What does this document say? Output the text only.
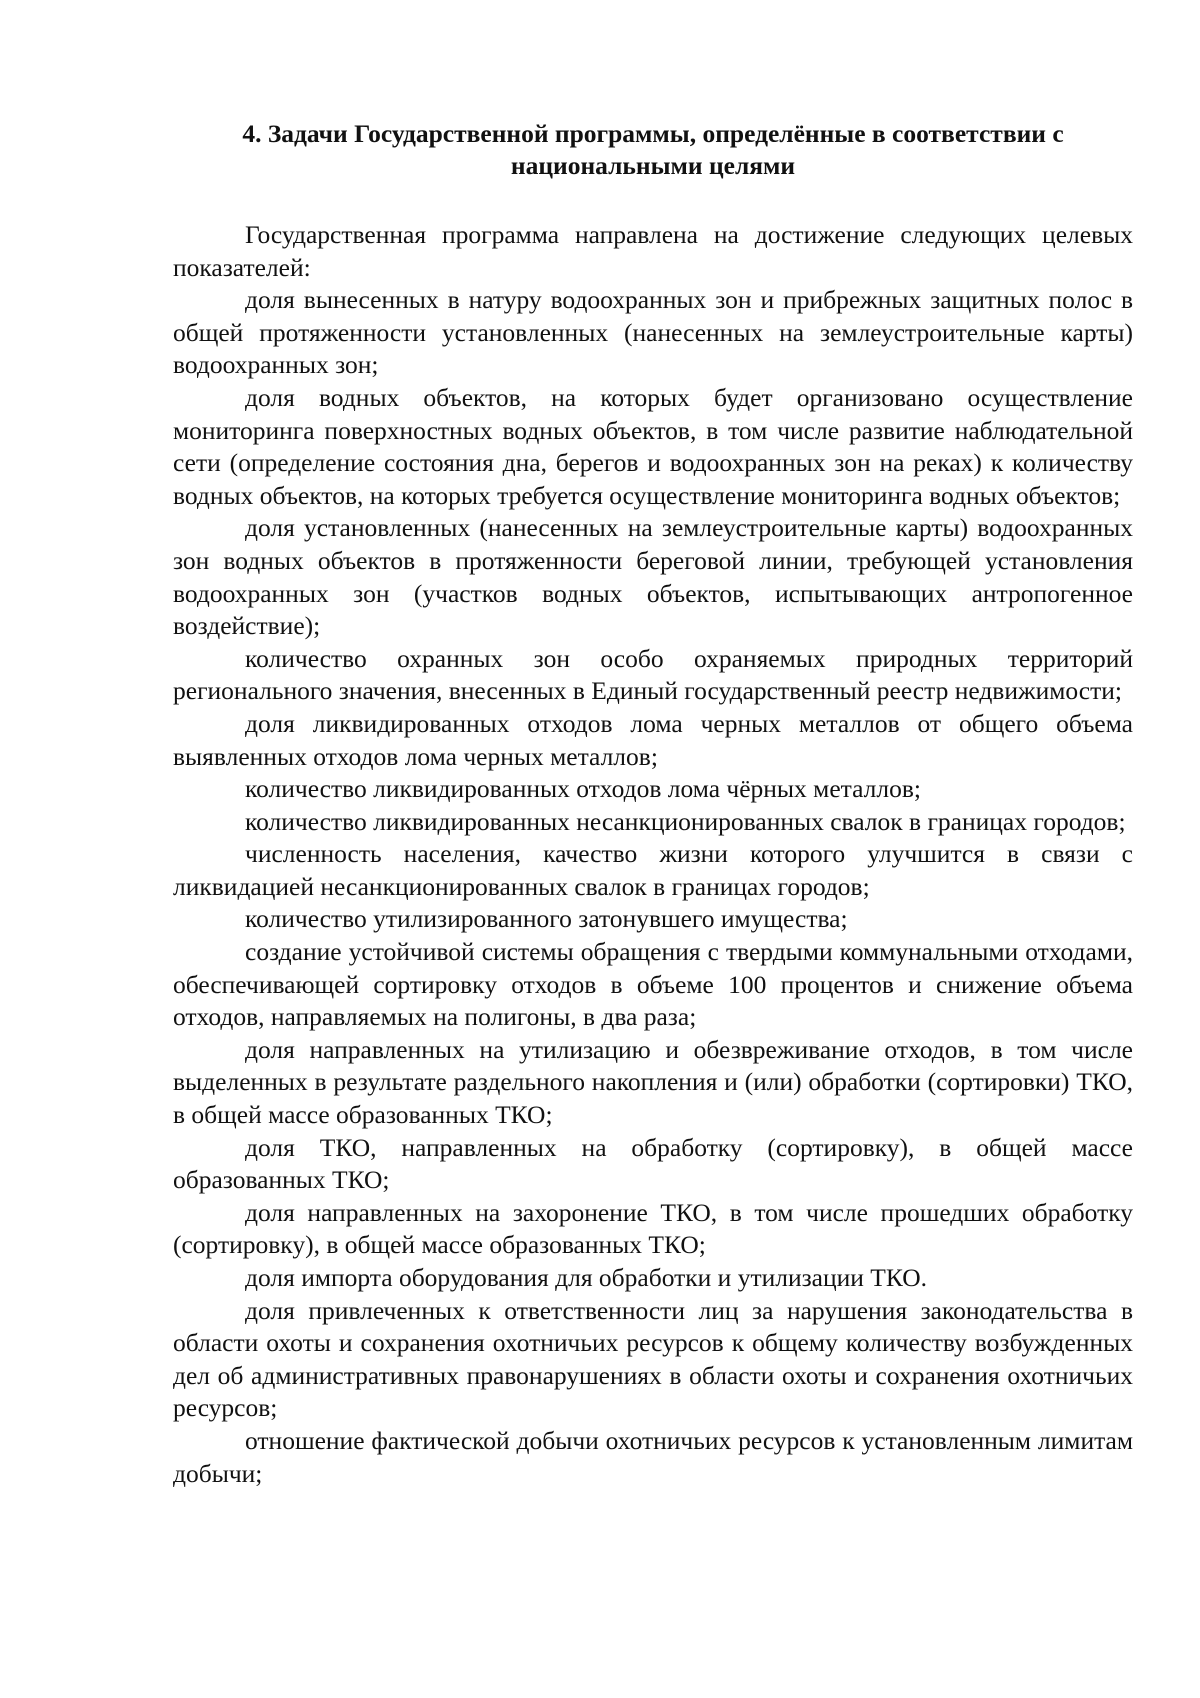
4. Задачи Государственной программы, определённые в соответствии с национальными целями

Государственная программа направлена на достижение следующих целевых показателей:

доля вынесенных в натуру водоохранных зон и прибрежных защитных полос в общей протяженности установленных (нанесенных на землеустроительные карты) водоохранных зон;

доля водных объектов, на которых будет организовано осуществление мониторинга поверхностных водных объектов, в том числе развитие наблюдательной сети (определение состояния дна, берегов и водоохранных зон на реках) к количеству водных объектов, на которых требуется осуществление мониторинга водных объектов;

доля установленных (нанесенных на землеустроительные карты) водоохранных зон водных объектов в протяженности береговой линии, требующей установления водоохранных зон (участков водных объектов, испытывающих антропогенное воздействие);

количество охранных зон особо охраняемых природных территорий регионального значения, внесенных в Единый государственный реестр недвижимости;

доля ликвидированных отходов лома черных металлов от общего объема выявленных отходов лома черных металлов;

количество ликвидированных отходов лома чёрных металлов;

количество ликвидированных несанкционированных свалок в границах городов;

численность населения, качество жизни которого улучшится в связи с ликвидацией несанкционированных свалок в границах городов;

количество утилизированного затонувшего имущества;

создание устойчивой системы обращения с твердыми коммунальными отходами, обеспечивающей сортировку отходов в объеме 100 процентов и снижение объема отходов, направляемых на полигоны, в два раза;

доля направленных на утилизацию и обезвреживание отходов, в том числе выделенных в результате раздельного накопления и (или) обработки (сортировки) ТКО, в общей массе образованных ТКО;

доля ТКО, направленных на обработку (сортировку), в общей массе образованных ТКО;

доля направленных на захоронение ТКО, в том числе прошедших обработку (сортировку), в общей массе образованных ТКО;

доля импорта оборудования для обработки и утилизации ТКО.

доля привлеченных к ответственности лиц за нарушения законодательства в области охоты и сохранения охотничьих ресурсов к общему количеству возбужденных дел об административных правонарушениях в области охоты и сохранения охотничьих ресурсов;

отношение фактической добычи охотничьих ресурсов к установленным лимитам добычи;
